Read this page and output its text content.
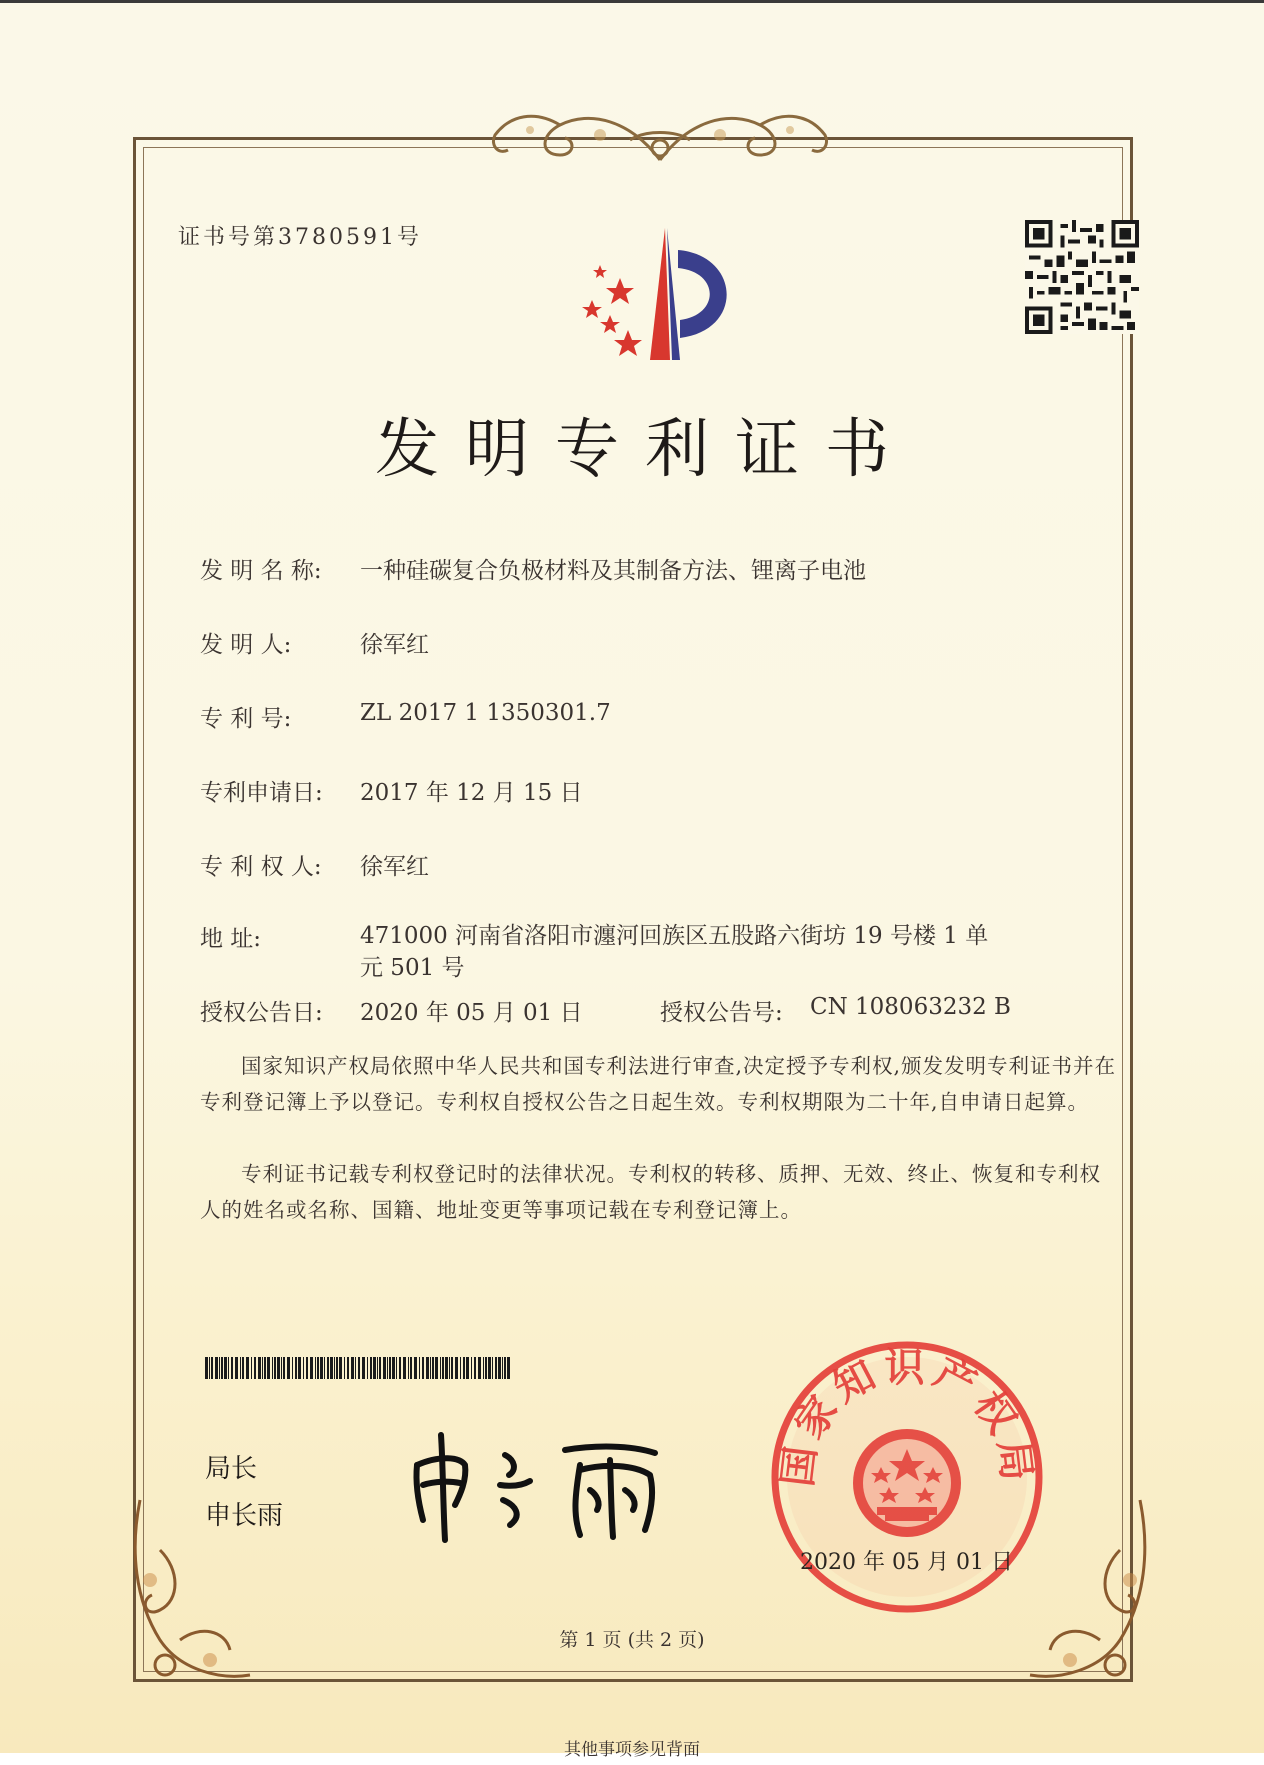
证书号第3780591号
发明专利证书
发 明 名 称: 一种硅碳复合负极材料及其制备方法、锂离子电池
发 明 人:	徐军红
专 利 号:	ZL 2017 1 1350301.7
专利申请日: 2017 年 12 月 15 日
专 利 权 人: 徐军红
地 址:	471000 河南省洛阳市瀍河回族区五股路六街坊 19 号楼 1 单元 501 号
授权公告日: 2020 年 05 月 01 日	授权公告号: CN 108063232 B
国家知识产权局依照中华人民共和国专利法进行审查,决定授予专利权,颁发发明专利证书并在专利登记簿上予以登记。专利权自授权公告之日起生效。专利权期限为二十年,自申请日起算。
专利证书记载专利权登记时的法律状况。专利权的转移、质押、无效、终止、恢复和专利权人的姓名或名称、国籍、地址变更等事项记载在专利登记簿上。
局长
申长雨
国家知识产权局
2020 年 05 月 01 日
第 1 页 (共 2 页)
其他事项参见背面
